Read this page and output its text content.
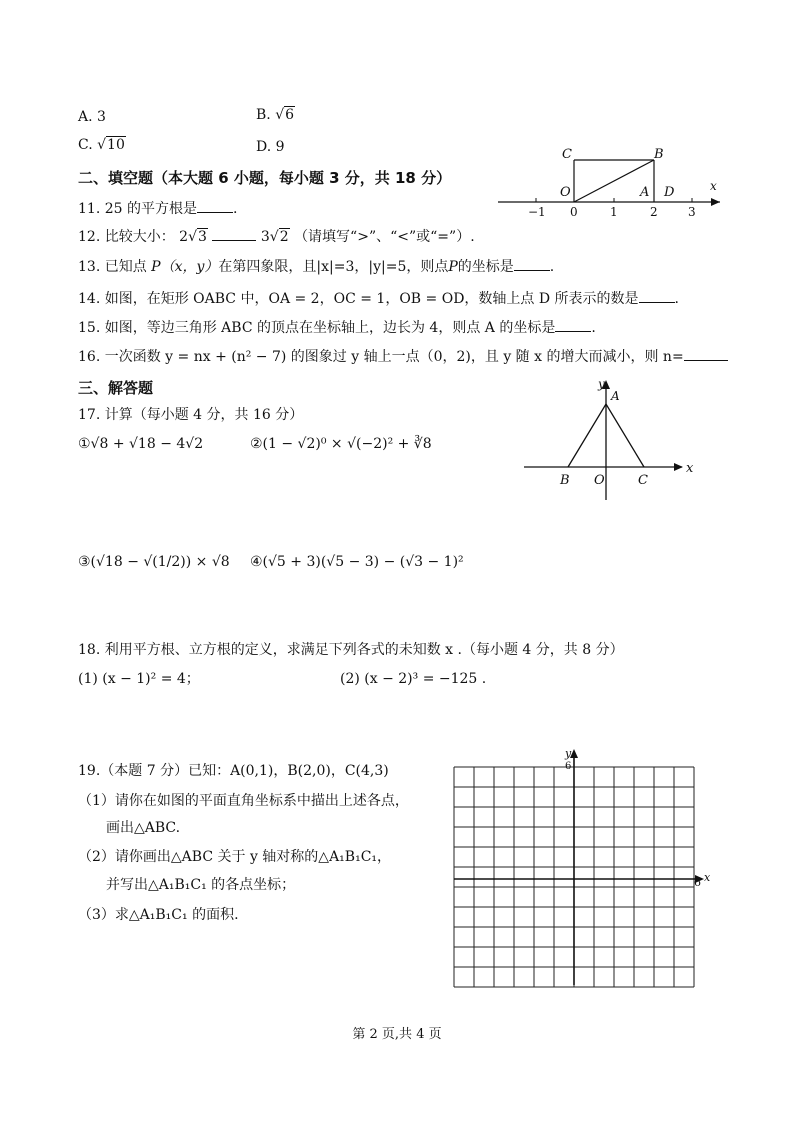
A. 3	B. √6
C. √10	D. 9
二、填空题（本大题 6 小题，每小题 3 分，共 18 分）
11. 25 的平方根是	.
12. 比较大小： 2√3	3√2 （请填写“>”、“<”或“=”）.
13. 已知点 P（x，y）在第四象限，且|x|=3，|y|=5，则点P的坐标是	.
14. 如图，在矩形 OABC 中，OA = 2，OC = 1，OB = OD，数轴上点 D 所表示的数是	.
15. 如图，等边三角形 ABC 的顶点在坐标轴上，边长为 4，则点 A 的坐标是	.
16. 一次函数 y = nx + (n² − 7) 的图象过 y 轴上一点（0，2)，且 y 随 x 的增大而减小，则 n=
三、解答题
17. 计算（每小题 4 分，共 16 分）
①√8 + √18 − 4√2	②(1 − √2)⁰ × √(−2)² + ∛8
③(√18 − √(1/2)) × √8 ④(√5 + 3)(√5 − 3) − (√3 − 1)²
18. 利用平方根、立方根的定义，求满足下列各式的未知数 x .（每小题 4 分，共 8 分）
(1) (x − 1)² = 4；	(2) (x − 2)³ = −125 .
19.（本题 7 分）已知：A(0,1)，B(2,0)，C(4,3)
（1）请你在如图的平面直角坐标系中描出上述各点，
画出△ABC.
（2）请你画出△ABC 关于 y 轴对称的△A₁B₁C₁，
并写出△A₁B₁C₁ 的各点坐标；
（3）求△A₁B₁C₁ 的面积.
C	B
O	A D	x
−1 0	1	2	3
y
A
B O	C
x
y
6
6 x
第 2 页,共 4 页
